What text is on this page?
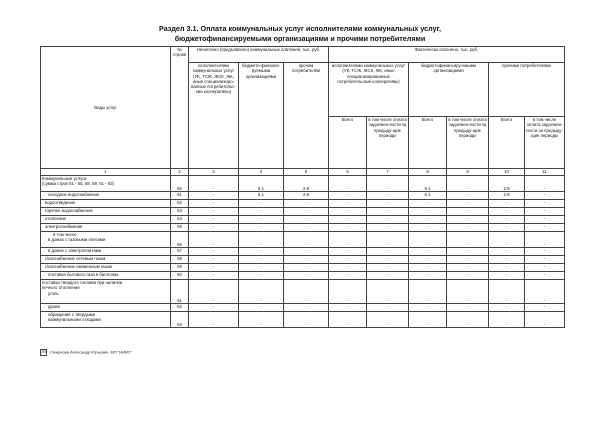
Раздел 3.1. Оплата коммунальных услуг исполнителями коммунальных услуг,
бюджетофинансируемыми организациями и прочими потребителями
Виды услуг	№ строки	Начислено (предъявлено) коммунальных платежей, тыс. руб.			Фактически оплачено, тыс. руб.					
		исполнителями коммунальных услуг (УК, ТСЖ, ЖСК, ЖК, иные специализиро-ванные потребительс-кие кооперативы)	бюджето-финанси-руемыми организациями	прочим потребителям	исполнителями коммунальных услуг (УК, ТСЖ, ЖСК, ЖК, иные специализированные потребительские кооперативы)		бюджетофинансиру-емыми организациями		прочими потребителями	
					Всего	в том числе оплата задолжен-ности за предыду-щие периоды	Всего	в том числе оплата задолжен-ности за предыду-щие периоды	Всего	в том числе оплата задолжен-ности за предыду-щие периоды
1	2	3	4	5	6	7	8	9	10	11

Коммунальные услуги
(сумма строк 51 - 55, 58, 59, 61 - 63)	50	-	6.1	2.9	-	-	6.1	-	2.9	-

холодное водоснабжение	51	-	6.1	2.9	-	-	6.1	-	2.9	-

водоотведение	52	-	-	-	-	-	-	-	-	-

горячее водоснабжение	53	-	-	-	-	-	-	-	-	-

отопление	54	-	-	-	-	-	-	-	-	-

электроснабжение	55	-	-	-	-	-	-	-	-	-

в том числе:
в домах с газовыми плитами	56	-	-	-	-	-	-	-	-	-

в домах с электроплитами	57	-	-	-	-	-	-	-	-	-

газоснабжение сетевым газом	58	-	-	-	-	-	-	-	-	-

газоснабжение сжиженным газом	59	-	-	-	-	-	-	-	-	-

поставка бытового газа в баллонах	60	-	-	-	-	-	-	-	-	-

поставка твердого топлива при наличии
печного отопления
уголь	61	-	-	-	-	-	-	-	-	-

дрова	62	-	-	-	-	-	-	-	-	-

обращение с твердыми
коммунальными отходами	63	-	-	-	-	-	-	-	-	-
ЭП Смирнова Александр Юрьевич, МП "НИИУ"
